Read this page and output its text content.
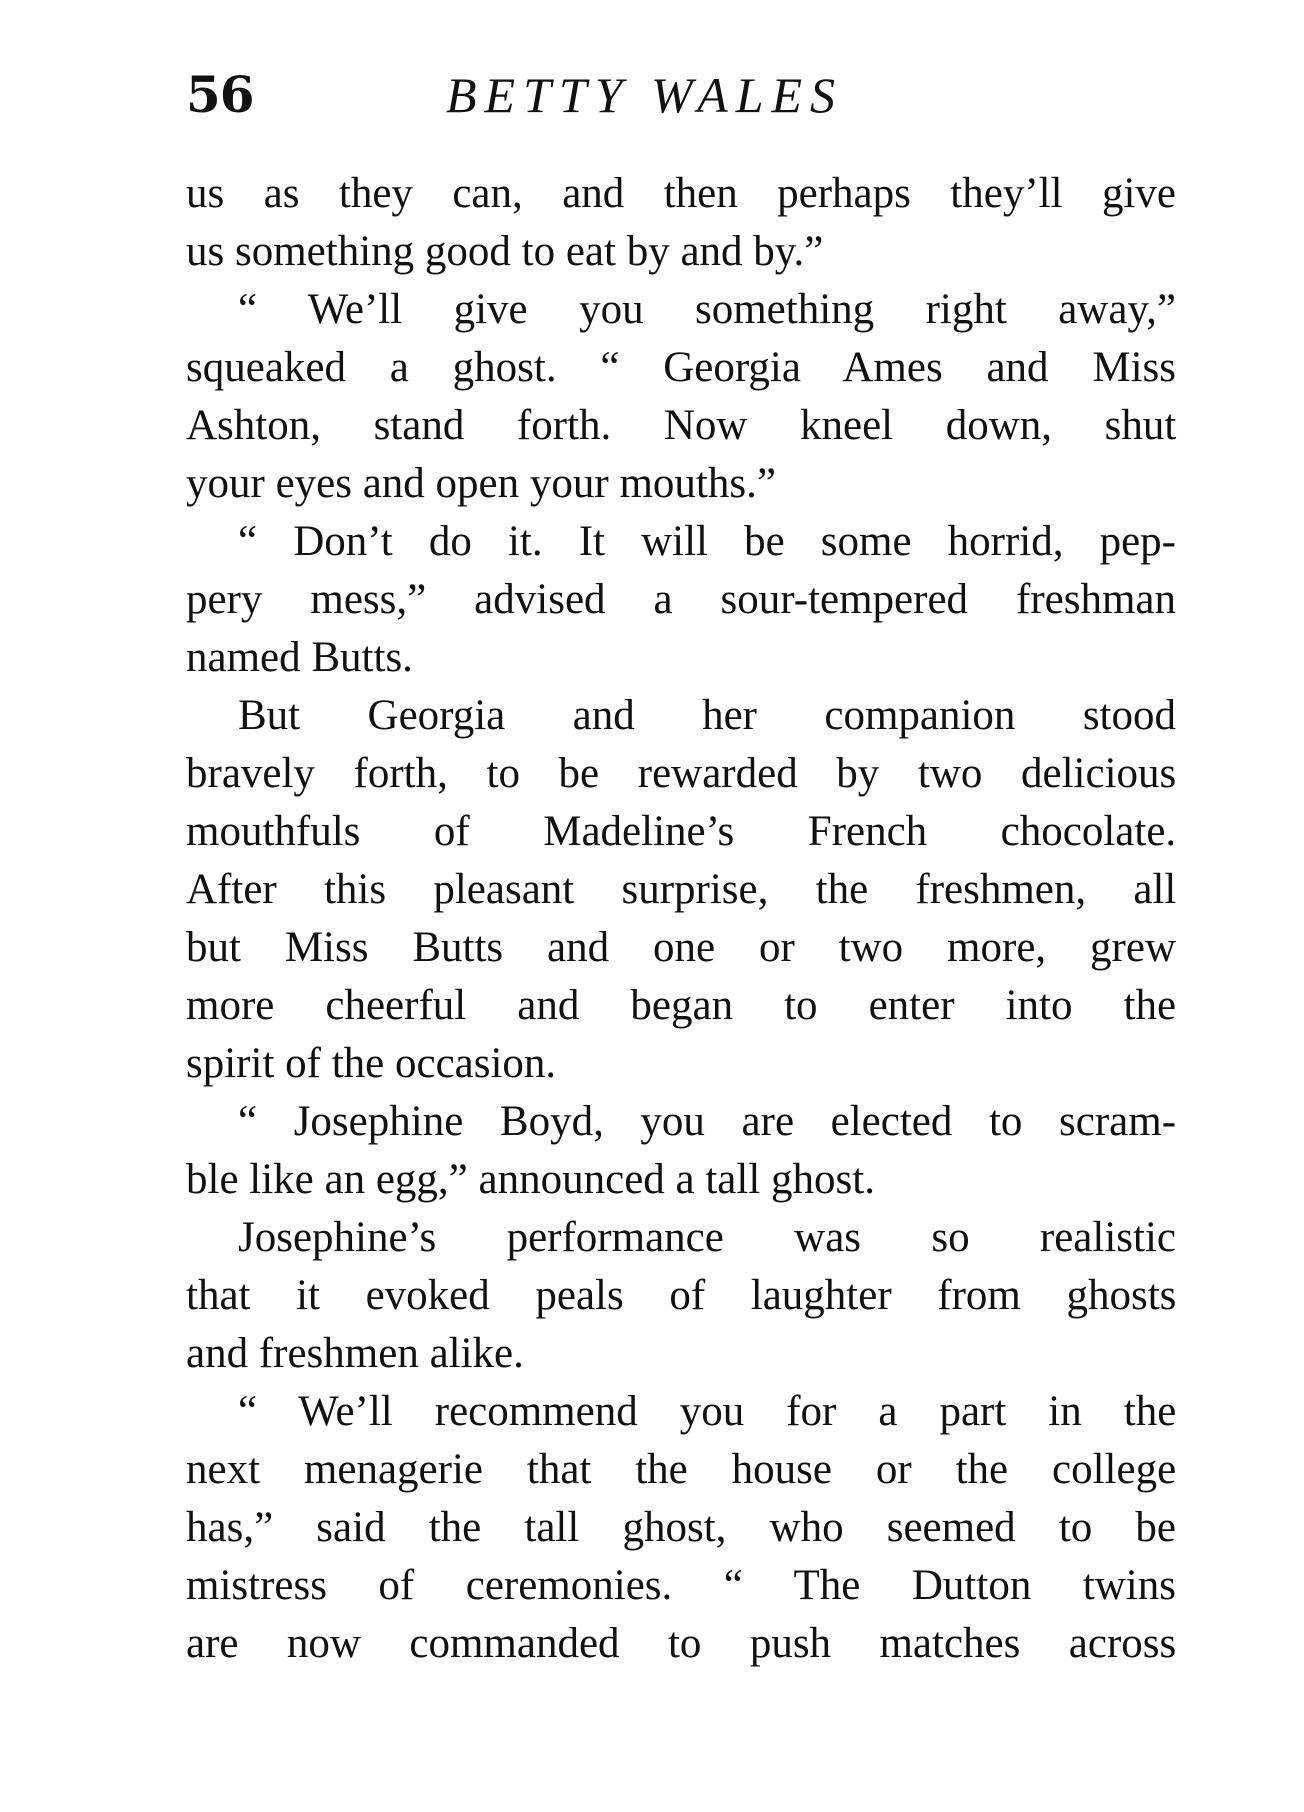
56	BETTY WALES
us as they can, and then perhaps they’ll give
us something good to eat by and by.”
“ We’ll give you something right away,”
squeaked a ghost. “ Georgia Ames and Miss
Ashton, stand forth. Now kneel down, shut
your eyes and open your mouths.”
“ Don’t do it. It will be some horrid, pep-
pery mess,” advised a sour-tempered freshman
named Butts.
But Georgia and her companion stood
bravely forth, to be rewarded by two delicious
mouthfuls of Madeline’s French chocolate.
After this pleasant surprise, the freshmen, all
but Miss Butts and one or two more, grew
more cheerful and began to enter into the
spirit of the occasion.
“ Josephine Boyd, you are elected to scram-
ble like an egg,” announced a tall ghost.
Josephine’s performance was so realistic
that it evoked peals of laughter from ghosts
and freshmen alike.
“ We’ll recommend you for a part in the
next menagerie that the house or the college
has,” said the tall ghost, who seemed to be
mistress of ceremonies. “ The Dutton twins
are now commanded to push matches across
